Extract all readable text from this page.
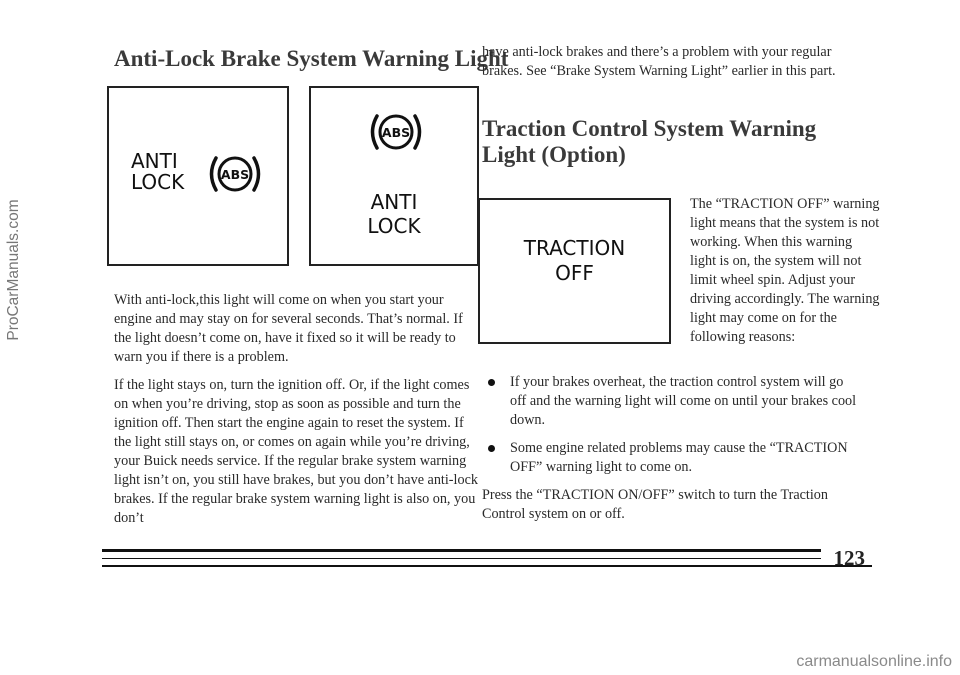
Anti-Lock Brake System Warning Light
ANTI
LOCK	ABS
ABS
ANTI
LOCK

With anti-lock,this light will come on when you start your engine and may stay on for several seconds. That’s normal. If the light doesn’t come on, have it fixed so it will be ready to warn you if there is a problem.

If the light stays on, turn the ignition off. Or, if the light comes on when you’re driving, stop as soon as possible and turn the ignition off. Then start the engine again to reset the system. If the light still stays on, or comes on again while you’re driving, your Buick needs service. If the regular brake system warning light isn’t on, you still have brakes, but you don’t have anti-lock brakes. If the regular brake system warning light is also on, you don’t

have anti-lock brakes and there’s a problem with your regular brakes. See “Brake System Warning Light” earlier in this part.

Traction Control System Warning Light (Option)
TRACTION
OFF

The “TRACTION OFF” warning light means that the system is not working. When this warning light is on, the system will not limit wheel spin. Adjust your driving accordingly. The warning light may come on for the following reasons:

If your brakes overheat, the traction control system will go off and the warning light will come on until your brakes cool down.
Some engine related problems may cause the “TRACTION OFF” warning light to come on.

Press the “TRACTION ON/OFF” switch to turn the Traction Control system on or off.

123
ProCarManuals.com
carmanualsonline.info
